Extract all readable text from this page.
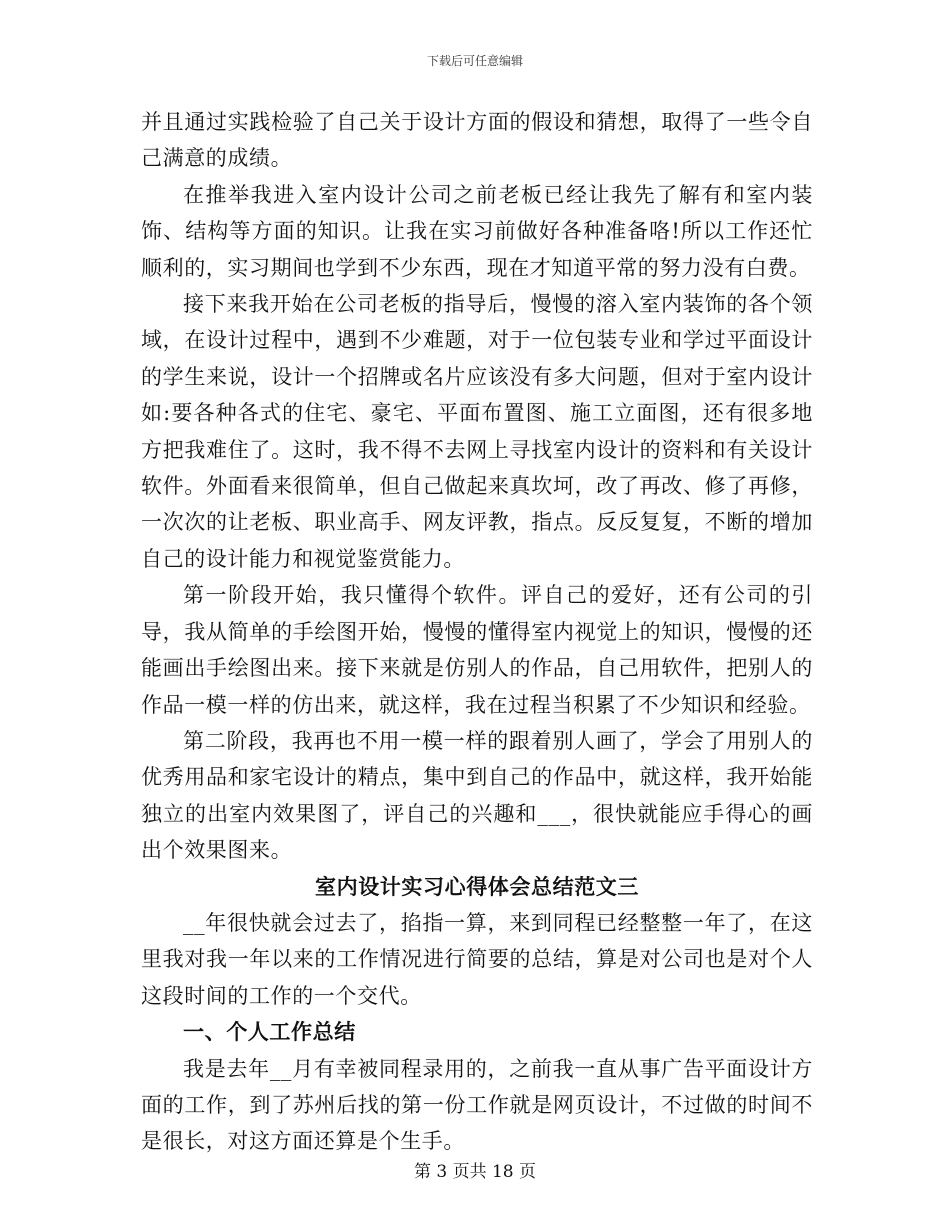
下载后可任意编辑

并且通过实践检验了自己关于设计方面的假设和猜想，取得了一些令自己满意的成绩。

在推举我进入室内设计公司之前老板已经让我先了解有和室内装饰、结构等方面的知识。让我在实习前做好各种准备咯!所以工作还忙顺利的，实习期间也学到不少东西，现在才知道平常的努力没有白费。

接下来我开始在公司老板的指导后，慢慢的溶入室内装饰的各个领域，在设计过程中，遇到不少难题，对于一位包装专业和学过平面设计的学生来说，设计一个招牌或名片应该没有多大问题，但对于室内设计如:要各种各式的住宅、豪宅、平面布置图、施工立面图，还有很多地方把我难住了。这时，我不得不去网上寻找室内设计的资料和有关设计软件。外面看来很简单，但自己做起来真坎坷，改了再改、修了再修，一次次的让老板、职业高手、网友评教，指点。反反复复，不断的增加自己的设计能力和视觉鉴赏能力。

第一阶段开始，我只懂得个软件。评自己的爱好，还有公司的引导，我从简单的手绘图开始，慢慢的懂得室内视觉上的知识，慢慢的还能画出手绘图出来。接下来就是仿别人的作品，自己用软件，把别人的作品一模一样的仿出来，就这样，我在过程当积累了不少知识和经验。

第二阶段，我再也不用一模一样的跟着别人画了，学会了用别人的优秀用品和家宅设计的精点，集中到自己的作品中，就这样，我开始能独立的出室内效果图了，评自己的兴趣和___，很快就能应手得心的画出个效果图来。

室内设计实习心得体会总结范文三

__年很快就会过去了，掐指一算，来到同程已经整整一年了，在这里我对我一年以来的工作情况进行简要的总结，算是对公司也是对个人这段时间的工作的一个交代。

一、个人工作总结

我是去年__月有幸被同程录用的，之前我一直从事广告平面设计方面的工作，到了苏州后找的第一份工作就是网页设计，不过做的时间不是很长，对这方面还算是个生手。

第 3 页共 18 页
